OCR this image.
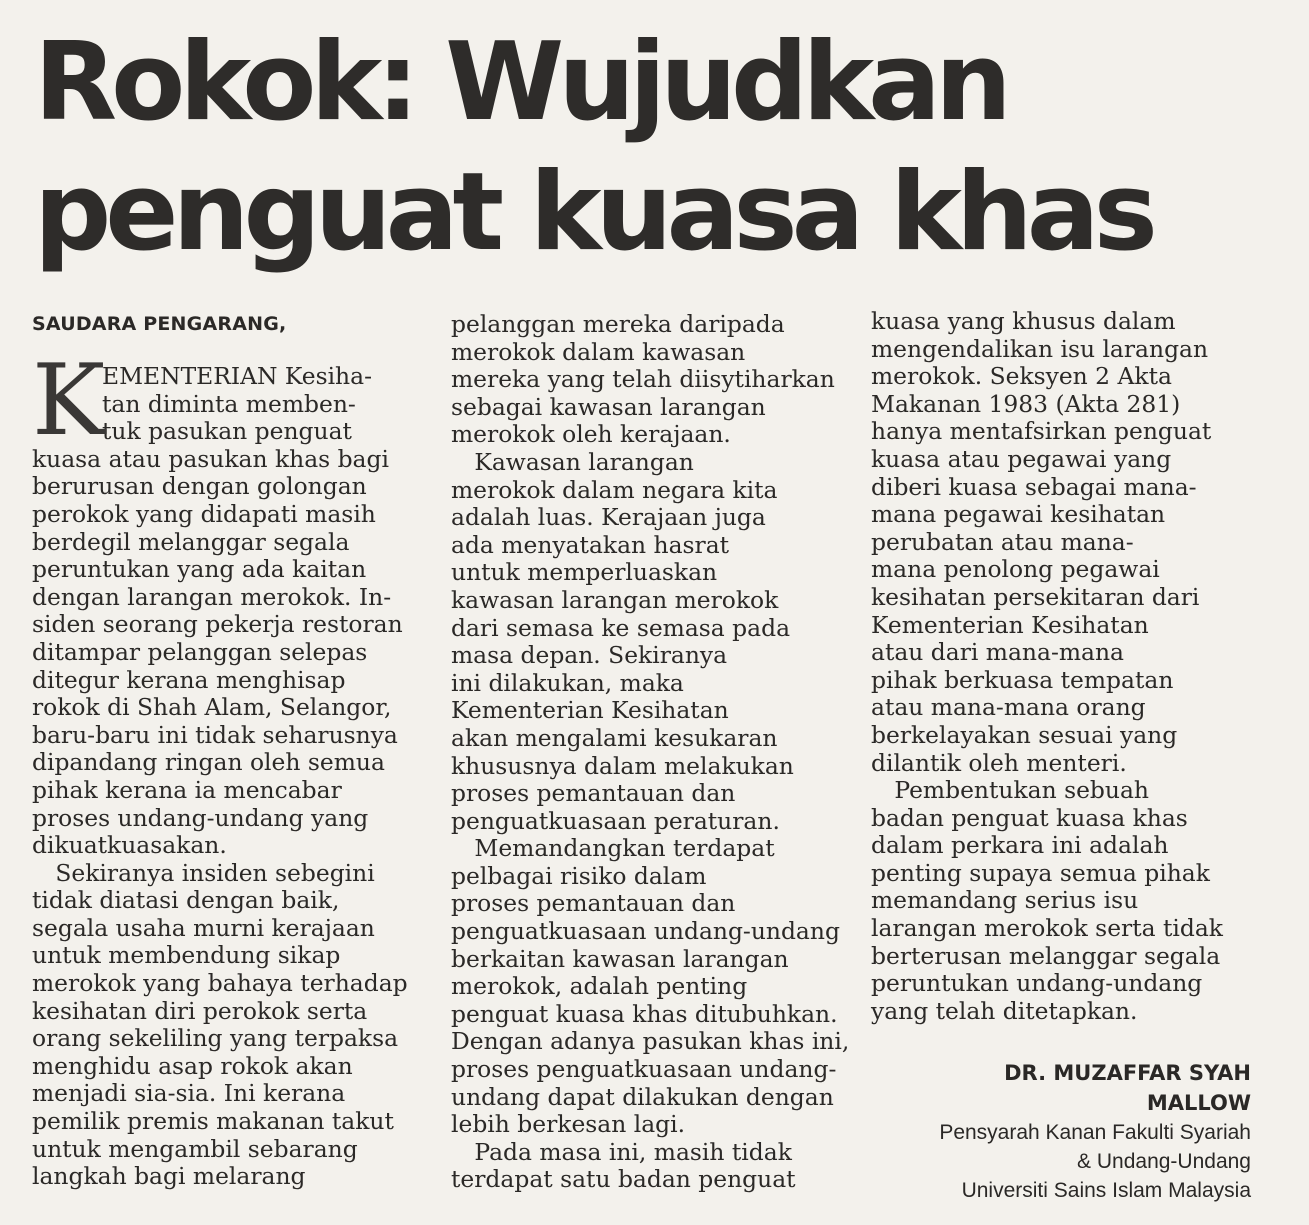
Rokok: Wujudkan
penguat kuasa khas
SAUDARA PENGARANG,
K
EMENTERIAN Kesiha-
tan diminta memben-
tuk pasukan penguat
kuasa atau pasukan khas bagi
berurusan dengan golongan
perokok yang didapati masih
berdegil melanggar segala
peruntukan yang ada kaitan
dengan larangan merokok. In-
siden seorang pekerja restoran
ditampar pelanggan selepas
ditegur kerana menghisap
rokok di Shah Alam, Selangor,
baru-baru ini tidak seharusnya
dipandang ringan oleh semua
pihak kerana ia mencabar
proses undang-undang yang
dikuatkuasakan.
 Sekiranya insiden sebegini
tidak diatasi dengan baik,
segala usaha murni kerajaan
untuk membendung sikap
merokok yang bahaya terhadap
kesihatan diri perokok serta
orang sekeliling yang terpaksa
menghidu asap rokok akan
menjadi sia-sia. Ini kerana
pemilik premis makanan takut
untuk mengambil sebarang
langkah bagi melarang
pelanggan mereka daripada
merokok dalam kawasan
mereka yang telah diisytiharkan
sebagai kawasan larangan
merokok oleh kerajaan.
 Kawasan larangan
merokok dalam negara kita
adalah luas. Kerajaan juga
ada menyatakan hasrat
untuk memperluaskan
kawasan larangan merokok
dari semasa ke semasa pada
masa depan. Sekiranya
ini dilakukan, maka
Kementerian Kesihatan
akan mengalami kesukaran
khususnya dalam melakukan
proses pemantauan dan
penguatkuasaan peraturan.
 Memandangkan terdapat
pelbagai risiko dalam
proses pemantauan dan
penguatkuasaan undang-undang
berkaitan kawasan larangan
merokok, adalah penting
penguat kuasa khas ditubuhkan.
Dengan adanya pasukan khas ini,
proses penguatkuasaan undang-
undang dapat dilakukan dengan
lebih berkesan lagi.
 Pada masa ini, masih tidak
terdapat satu badan penguat
kuasa yang khusus dalam
mengendalikan isu larangan
merokok. Seksyen 2 Akta
Makanan 1983 (Akta 281)
hanya mentafsirkan penguat
kuasa atau pegawai yang
diberi kuasa sebagai mana-
mana pegawai kesihatan
perubatan atau mana-
mana penolong pegawai
kesihatan persekitaran dari
Kementerian Kesihatan
atau dari mana-mana
pihak berkuasa tempatan
atau mana-mana orang
berkelayakan sesuai yang
dilantik oleh menteri.
 Pembentukan sebuah
badan penguat kuasa khas
dalam perkara ini adalah
penting supaya semua pihak
memandang serius isu
larangan merokok serta tidak
berterusan melanggar segala
peruntukan undang-undang
yang telah ditetapkan.
DR. MUZAFFAR SYAH
MALLOW
Pensyarah Kanan Fakulti Syariah
& Undang-Undang
Universiti Sains Islam Malaysia
